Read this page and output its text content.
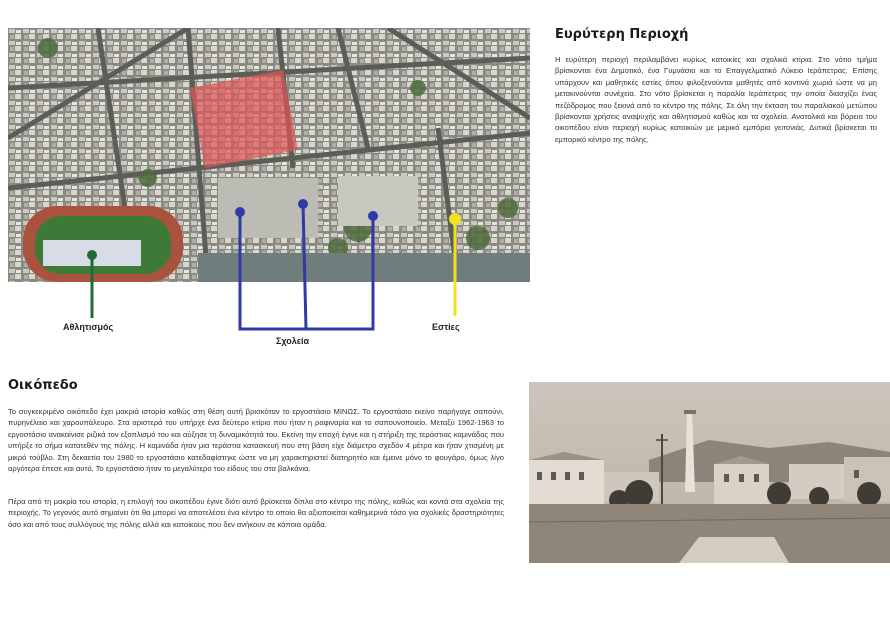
Αθλητισμός
Σχολεία
Εστίες
Ευρύτερη Περιοχή

Η ευρύτερη περιοχή περιλαμβάνει κυρίως κατοικίες και σχολικά κτίρια. Στο νότιο τμήμα βρίσκονται ένα Δημοτικό, ένα Γυμνάσιο και το Επαγγελματικό Λύκειο Ιεράπετρας. Επίσης υπάρχουν και μαθητικές εστίες όπου φιλοξενούνται μαθητές από κοντινά χωριά ώστε να μη μετακινούνται συνέχεια. Στο νότο βρίσκεται η παραλία Ιεράπετρας την οποία διασχίζει ένας πεζόδρομος που ξεκινά από το κέντρο της πόλης. Σε όλη την έκταση του παραλιακού μετώπου βρίσκονται χρήσεις αναψυχής και αθλητισμού καθώς και τα σχολεία. Ανατολικά και βόρεια του οικοπέδου είναι περιοχή κυρίως κατοικιών με μερικό εμπόριο γειτονιάς. Δυτικά βρίσκεται το εμπορικό κέντρο της πόλης.

Οικόπεδο

Το συγκεκριμένο οικόπεδο έχει μακριά ιστορία καθώς στη θέση αυτή βρισκόταν το εργοστάσιο ΜΙΝΩΣ. Το εργοστάσιο εκείνο παρήγαγε σαπούνι, πυρηνέλαιο και χαρουπάλευρο. Στα αριστερά του υπήρχε ένα δεύτερο κτίριο που ήταν η ραφιναρία και το σαπουνοποιείο. Μεταξύ 1962-1963 το εργοστάσιο ανακαίνισε ριζικά τον εξοπλισμό του και αύξησε τη δυναμικότητά του. Εκείνη την εποχή έγινε και η στήριξη της τεράστιας καμινάδας που υπήρξε το σήμα κατατεθέν της πόλης. Η καμινάδα ήταν μια τεράστια κατασκευή που στη βάση είχε διάμετρο σχεδόν 4 μέτρα και ήταν χτισμένη με μικρό τούβλο. Στη δεκαετία του 1980 το εργοστάσιο κατεδαφίστηκε ώστε να μη χαρακτηριστεί διατηρητέο και έμεινε μόνο το φουγάρο, όμως λίγο αργότερα έπεσε και αυτό. Το εργοστάσιο ήταν το μεγαλύτερο του είδους του στα βαλκάνια.

Πέρα από τη μακρία του ιστορία, η επιλογή του οικοπέδου έγινε διότι αυτό βρίσκεται δίπλα στο κέντρο της πόλης, καθώς και κοντά στα σχολεία της περιοχής. Το γεγονός αυτό σημαίνει ότι θα μπορεί να αποτελέσει ένα κέντρο το οποίο θα αξιοποιείται καθημερινά τόσο για σχολικές δραστηριότητες όσο και από τους συλλόγους της πόλης αλλά και κατοίκους που δεν ανήκουν σε κάποια ομάδα.
